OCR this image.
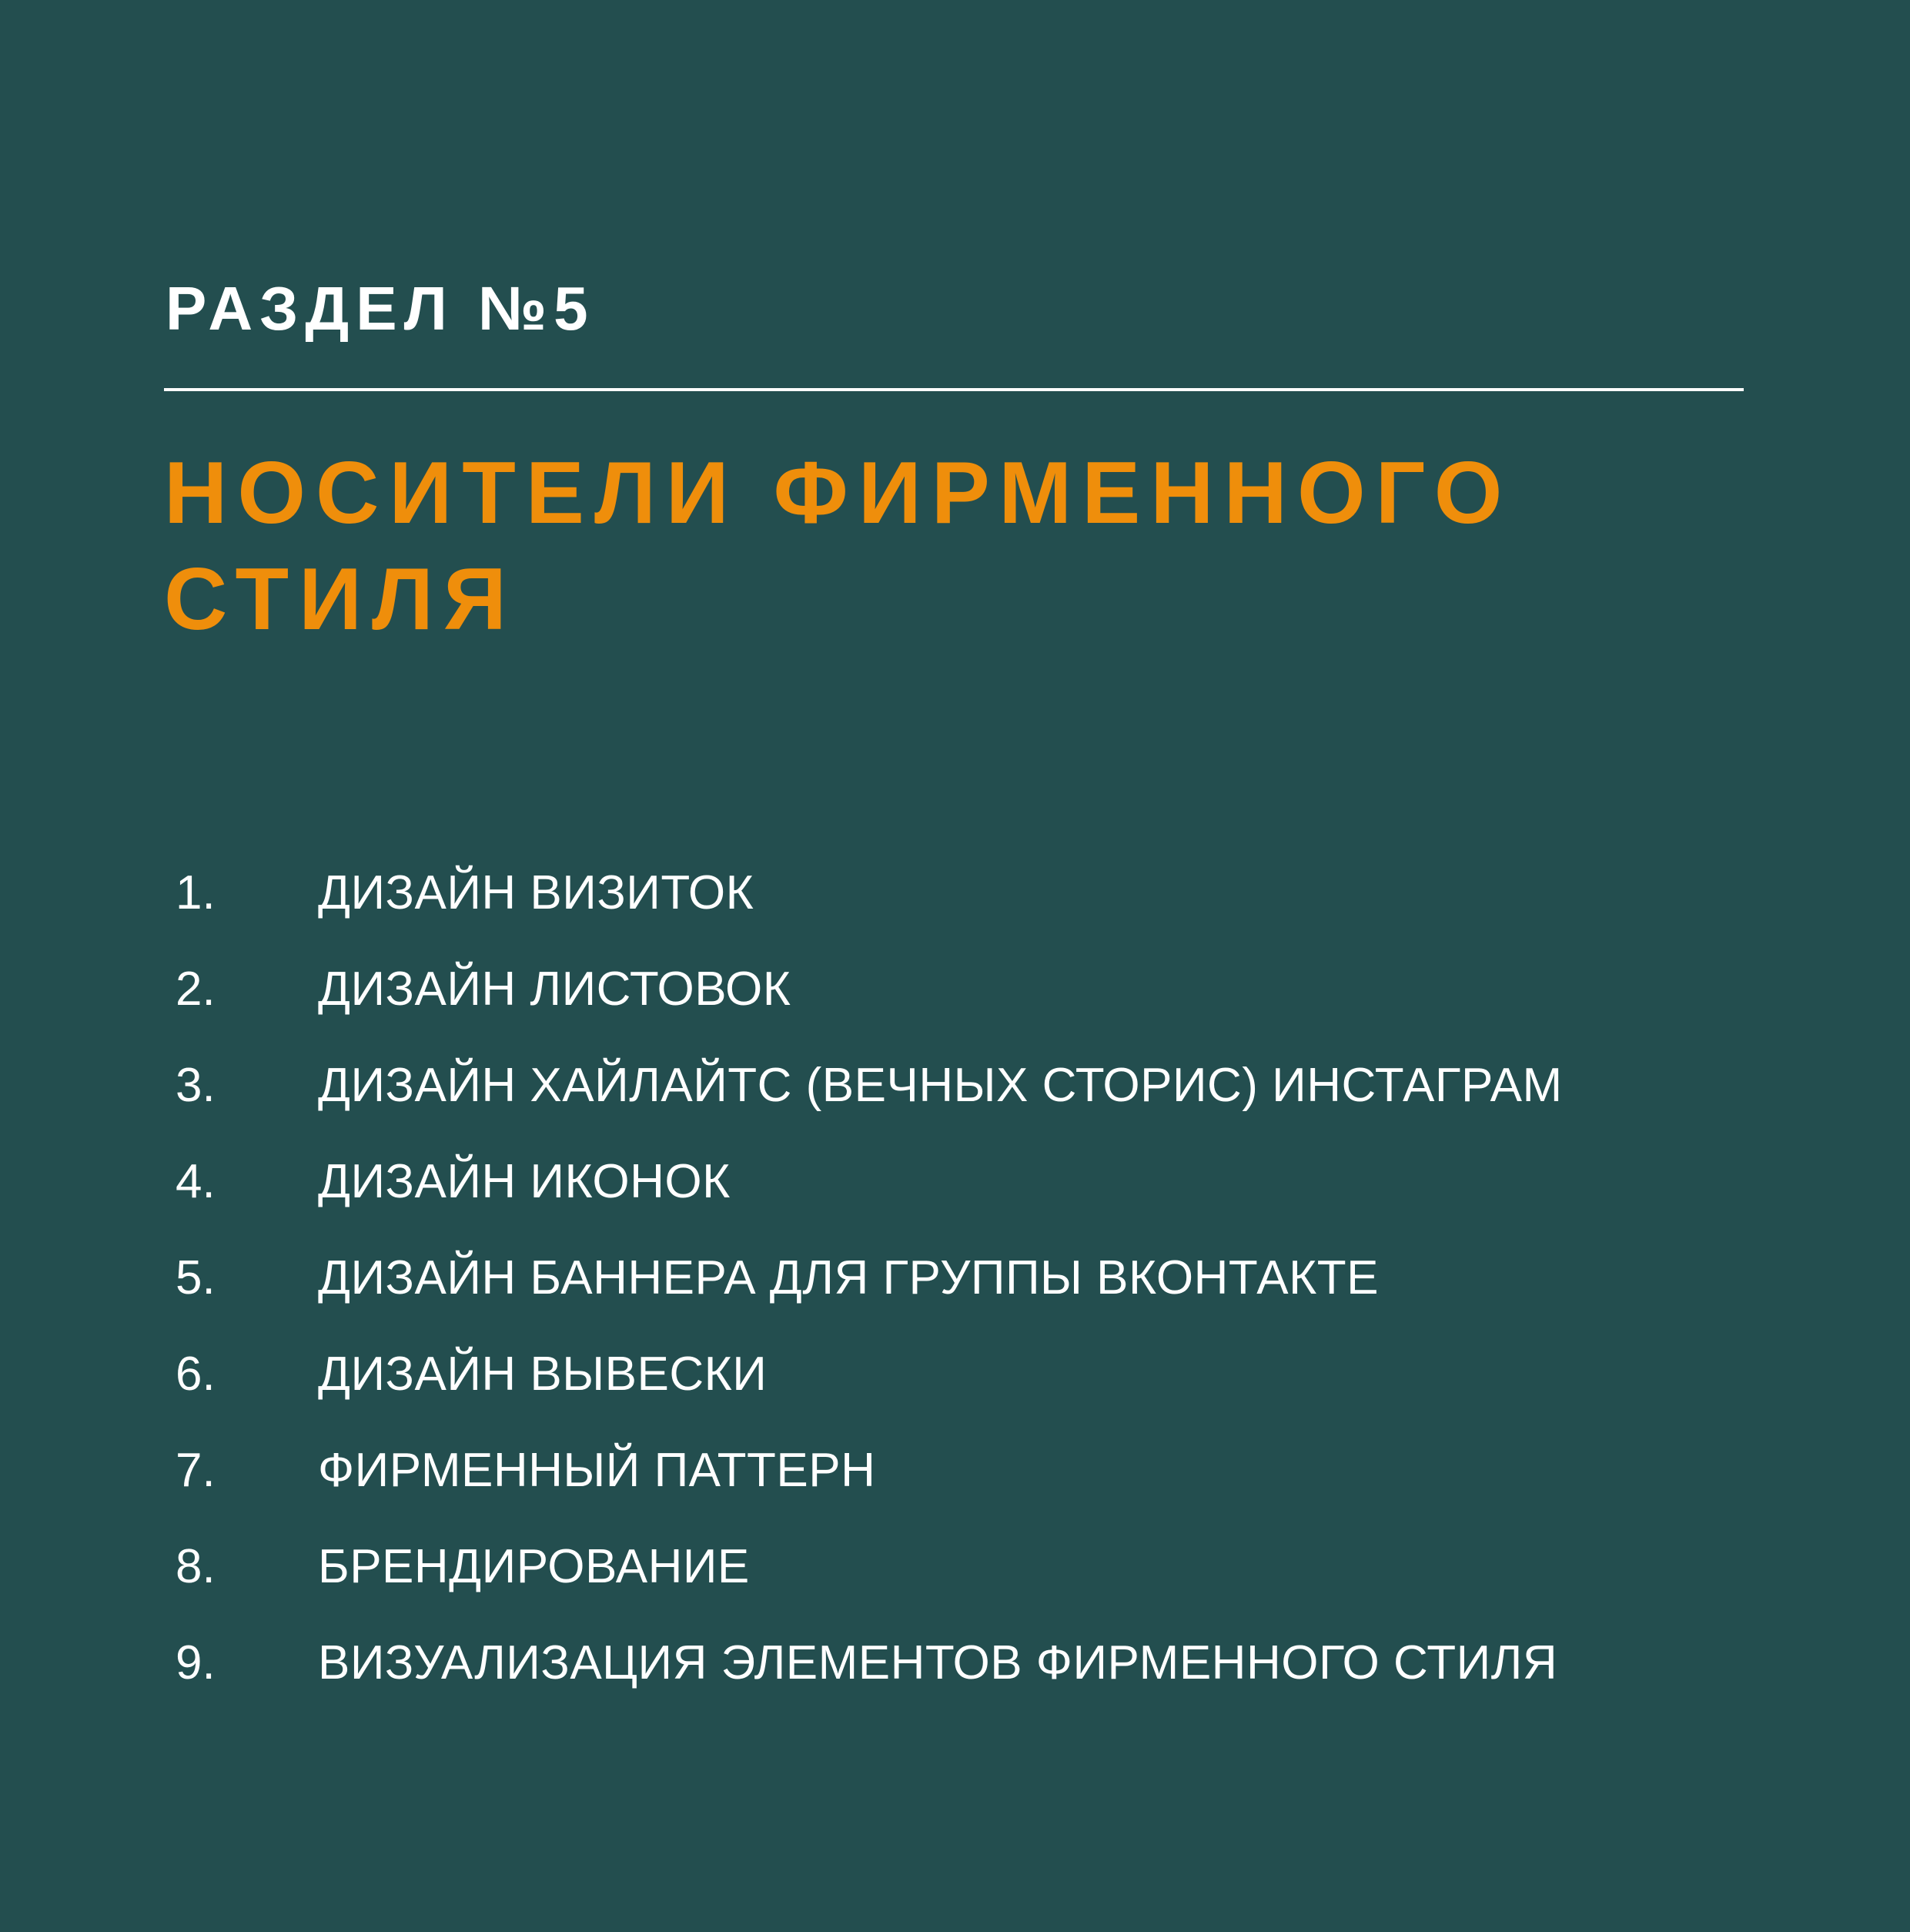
РАЗДЕЛ №5
НОСИТЕЛИ ФИРМЕННОГО
СТИЛЯ
1. ДИЗАЙН ВИЗИТОК
2. ДИЗАЙН ЛИСТОВОК
3. ДИЗАЙН ХАЙЛАЙТС (ВЕЧНЫХ СТОРИС) ИНСТАГРАМ
4. ДИЗАЙН ИКОНОК
5. ДИЗАЙН БАННЕРА ДЛЯ ГРУППЫ ВКОНТАКТЕ
6. ДИЗАЙН ВЫВЕСКИ
7. ФИРМЕННЫЙ ПАТТЕРН
8. БРЕНДИРОВАНИЕ
9. ВИЗУАЛИЗАЦИЯ ЭЛЕМЕНТОВ ФИРМЕННОГО СТИЛЯ
